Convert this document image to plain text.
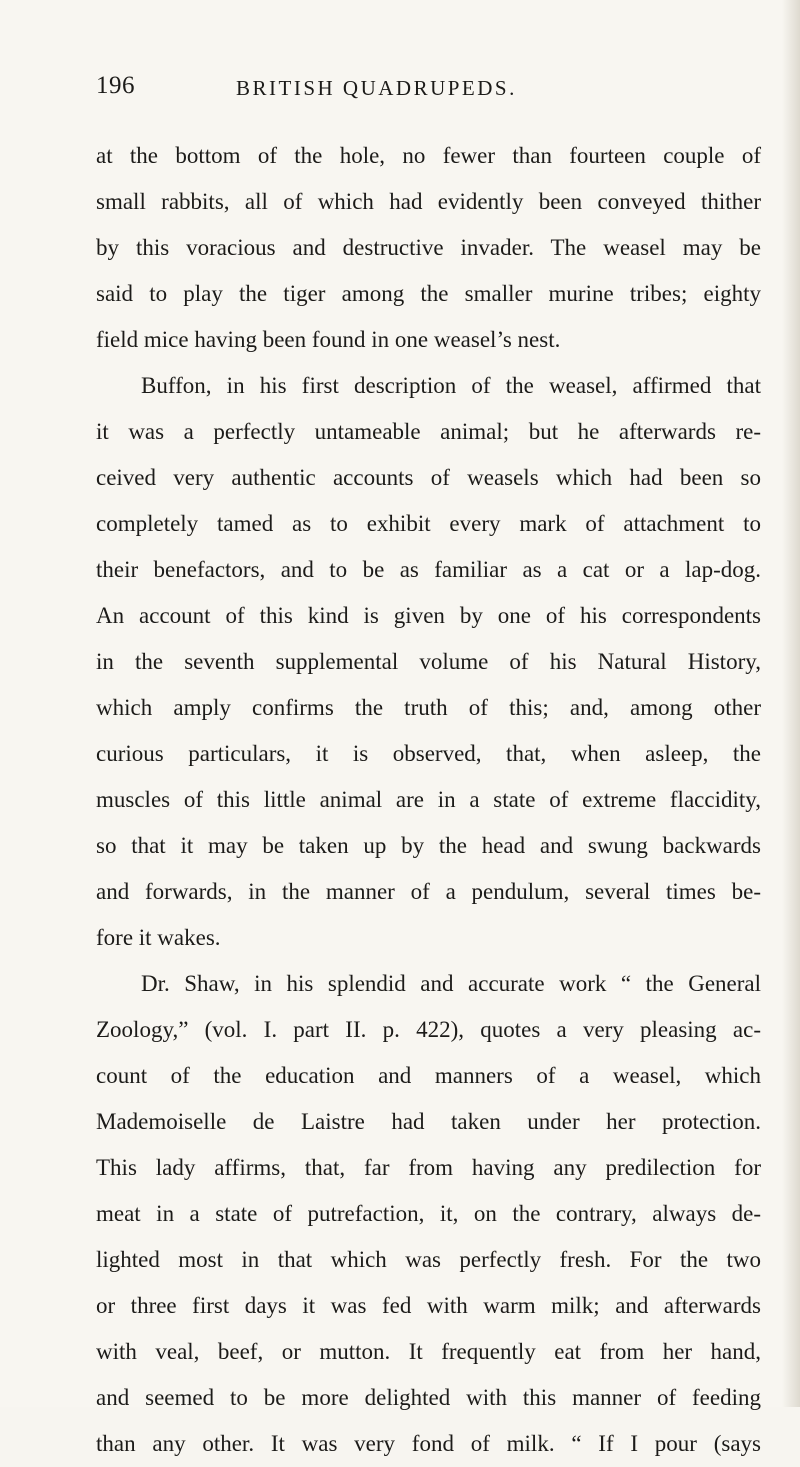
196	BRITISH QUADRUPEDS.
at the bottom of the hole, no fewer than fourteen couple of
small rabbits, all of which had evidently been conveyed thither
by this voracious and destructive invader. The weasel may be
said to play the tiger among the smaller murine tribes; eighty
field mice having been found in one weasel’s nest.
Buffon, in his first description of the weasel, affirmed that
it was a perfectly untameable animal; but he afterwards re-
ceived very authentic accounts of weasels which had been so
completely tamed as to exhibit every mark of attachment to
their benefactors, and to be as familiar as a cat or a lap-dog.
An account of this kind is given by one of his correspondents
in the seventh supplemental volume of his Natural History,
which amply confirms the truth of this; and, among other
curious particulars, it is observed, that, when asleep, the
muscles of this little animal are in a state of extreme flaccidity,
so that it may be taken up by the head and swung backwards
and forwards, in the manner of a pendulum, several times be-
fore it wakes.
Dr. Shaw, in his splendid and accurate work “ the General
Zoology,” (vol. I. part II. p. 422), quotes a very pleasing ac-
count of the education and manners of a weasel, which
Mademoiselle de Laistre had taken under her protection.
This lady affirms, that, far from having any predilection for
meat in a state of putrefaction, it, on the contrary, always de-
lighted most in that which was perfectly fresh. For the two
or three first days it was fed with warm milk; and afterwards
with veal, beef, or mutton. It frequently eat from her hand,
and seemed to be more delighted with this manner of feeding
than any other. It was very fond of milk. “ If I pour (says
